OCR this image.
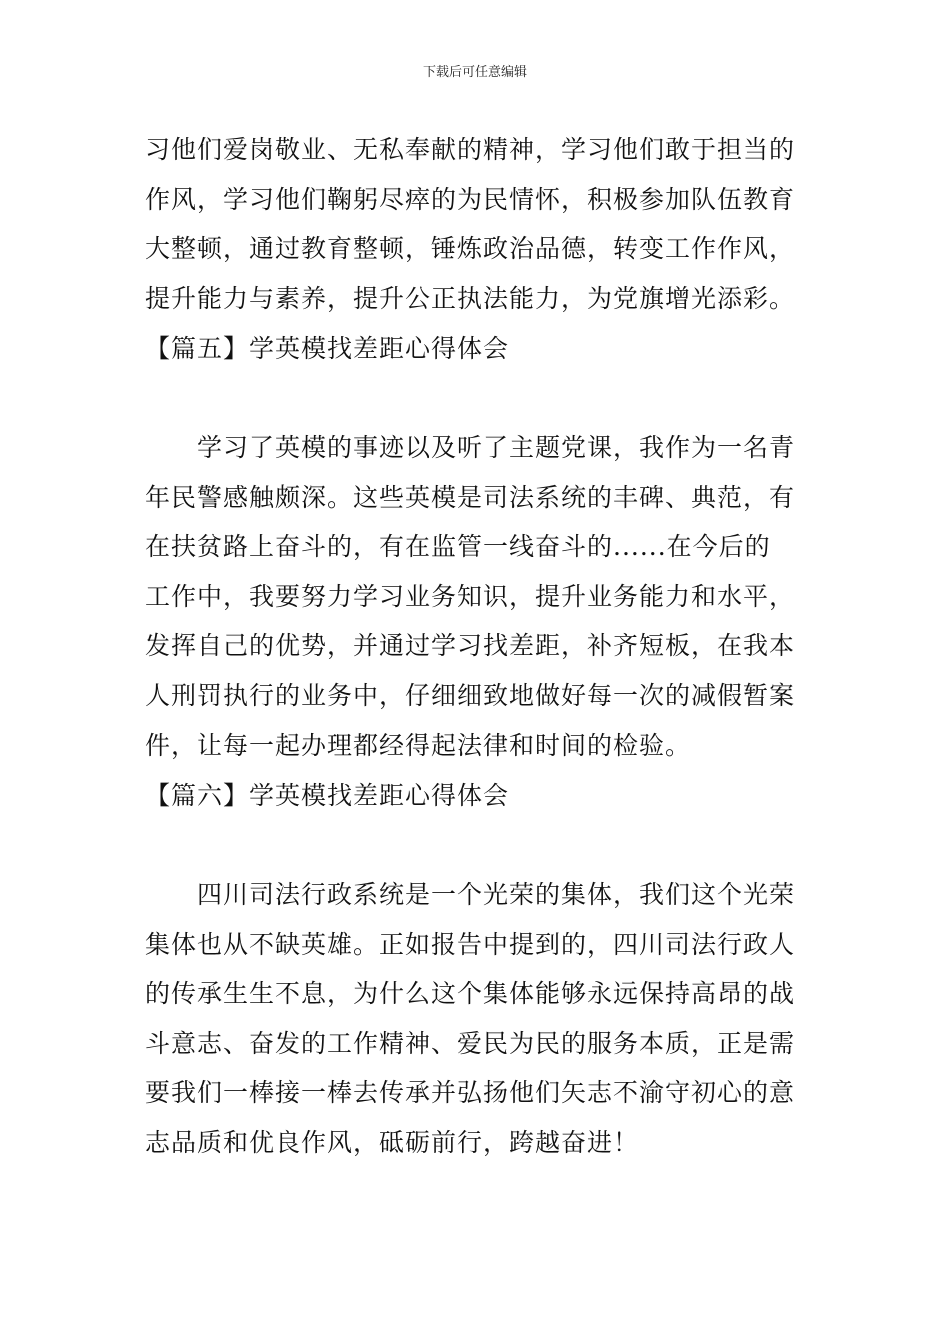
下载后可任意编辑
习他们爱岗敬业、无私奉献的精神，学习他们敢于担当的
作风，学习他们鞠躬尽瘁的为民情怀，积极参加队伍教育
大整顿，通过教育整顿，锤炼政治品德，转变工作作风，
提升能力与素养，提升公正执法能力，为党旗增光添彩。
【篇五】学英模找差距心得体会
学习了英模的事迹以及听了主题党课，我作为一名青
年民警感触颇深。这些英模是司法系统的丰碑、典范，有
在扶贫路上奋斗的，有在监管一线奋斗的......在今后的
工作中，我要努力学习业务知识，提升业务能力和水平，
发挥自己的优势，并通过学习找差距，补齐短板，在我本
人刑罚执行的业务中，仔细细致地做好每一次的减假暂案
件，让每一起办理都经得起法律和时间的检验。
【篇六】学英模找差距心得体会
四川司法行政系统是一个光荣的集体，我们这个光荣
集体也从不缺英雄。正如报告中提到的，四川司法行政人
的传承生生不息，为什么这个集体能够永远保持高昂的战
斗意志、奋发的工作精神、爱民为民的服务本质，正是需
要我们一棒接一棒去传承并弘扬他们矢志不渝守初心的意
志品质和优良作风，砥砺前行，跨越奋进！
